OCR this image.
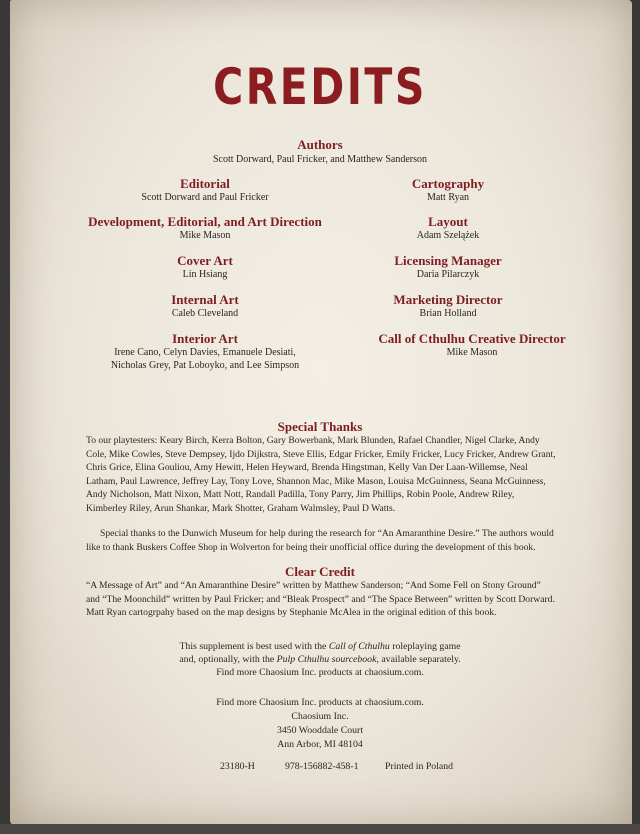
CREDITS
Authors
Scott Dorward, Paul Fricker, and Matthew Sanderson
Editorial
Scott Dorward and Paul Fricker
Development, Editorial, and Art Direction
Mike Mason
Cover Art
Lin Hsiang
Internal Art
Caleb Cleveland
Interior Art
Irene Cano, Celyn Davies, Emanuele Desiati,
Nicholas Grey, Pat Loboyko, and Lee Simpson
Cartography
Matt Ryan
Layout
Adam Szelążek
Licensing Manager
Daria Pilarczyk
Marketing Director
Brian Holland
Call of Cthulhu Creative Director
Mike Mason
Special Thanks
To our playtesters: Keary Birch, Kerra Bolton, Gary Bowerbank, Mark Blunden, Rafael Chandler, Nigel Clarke, Andy Cole, Mike Cowles, Steve Dempsey, Ijdo Dijkstra, Steve Ellis, Edgar Fricker, Emily Fricker, Lucy Fricker, Andrew Grant, Chris Grice, Elina Gouliou, Amy Hewitt, Helen Heyward, Brenda Hingstman, Kelly Van Der Laan-Willemse, Neal Latham, Paul Lawrence, Jeffrey Lay, Tony Love, Shannon Mac, Mike Mason, Louisa McGuinness, Seana McGuinness, Andy Nicholson, Matt Nixon, Matt Nott, Randall Padilla, Tony Parry, Jim Phillips, Robin Poole, Andrew Riley, Kimberley Riley, Arun Shankar, Mark Shotter, Graham Walmsley, Paul D Watts.
Special thanks to the Dunwich Museum for help during the research for “An Amaranthine Desire.” The authors would like to thank Buskers Coffee Shop in Wolverton for being their unofficial office during the development of this book.
Clear Credit
“A Message of Art” and “An Amaranthine Desire” written by Matthew Sanderson; “And Some Fell on Stony Ground” and “The Moonchild” written by Paul Fricker; and “Bleak Prospect” and “The Space Between” written by Scott Dorward. Matt Ryan cartogrpahy based on the map designs by Stephanie McAlea in the original edition of this book.
This supplement is best used with the Call of Cthulhu roleplaying game
and, optionally, with the Pulp Cthulhu sourcebook, available separately.
Find more Chaosium Inc. products at chaosium.com.
Find more Chaosium Inc. products at chaosium.com.
Chaosium Inc.
3450 Wooddale Court
Ann Arbor, MI 48104
23180-H	978-156882-458-1	Printed in Poland
